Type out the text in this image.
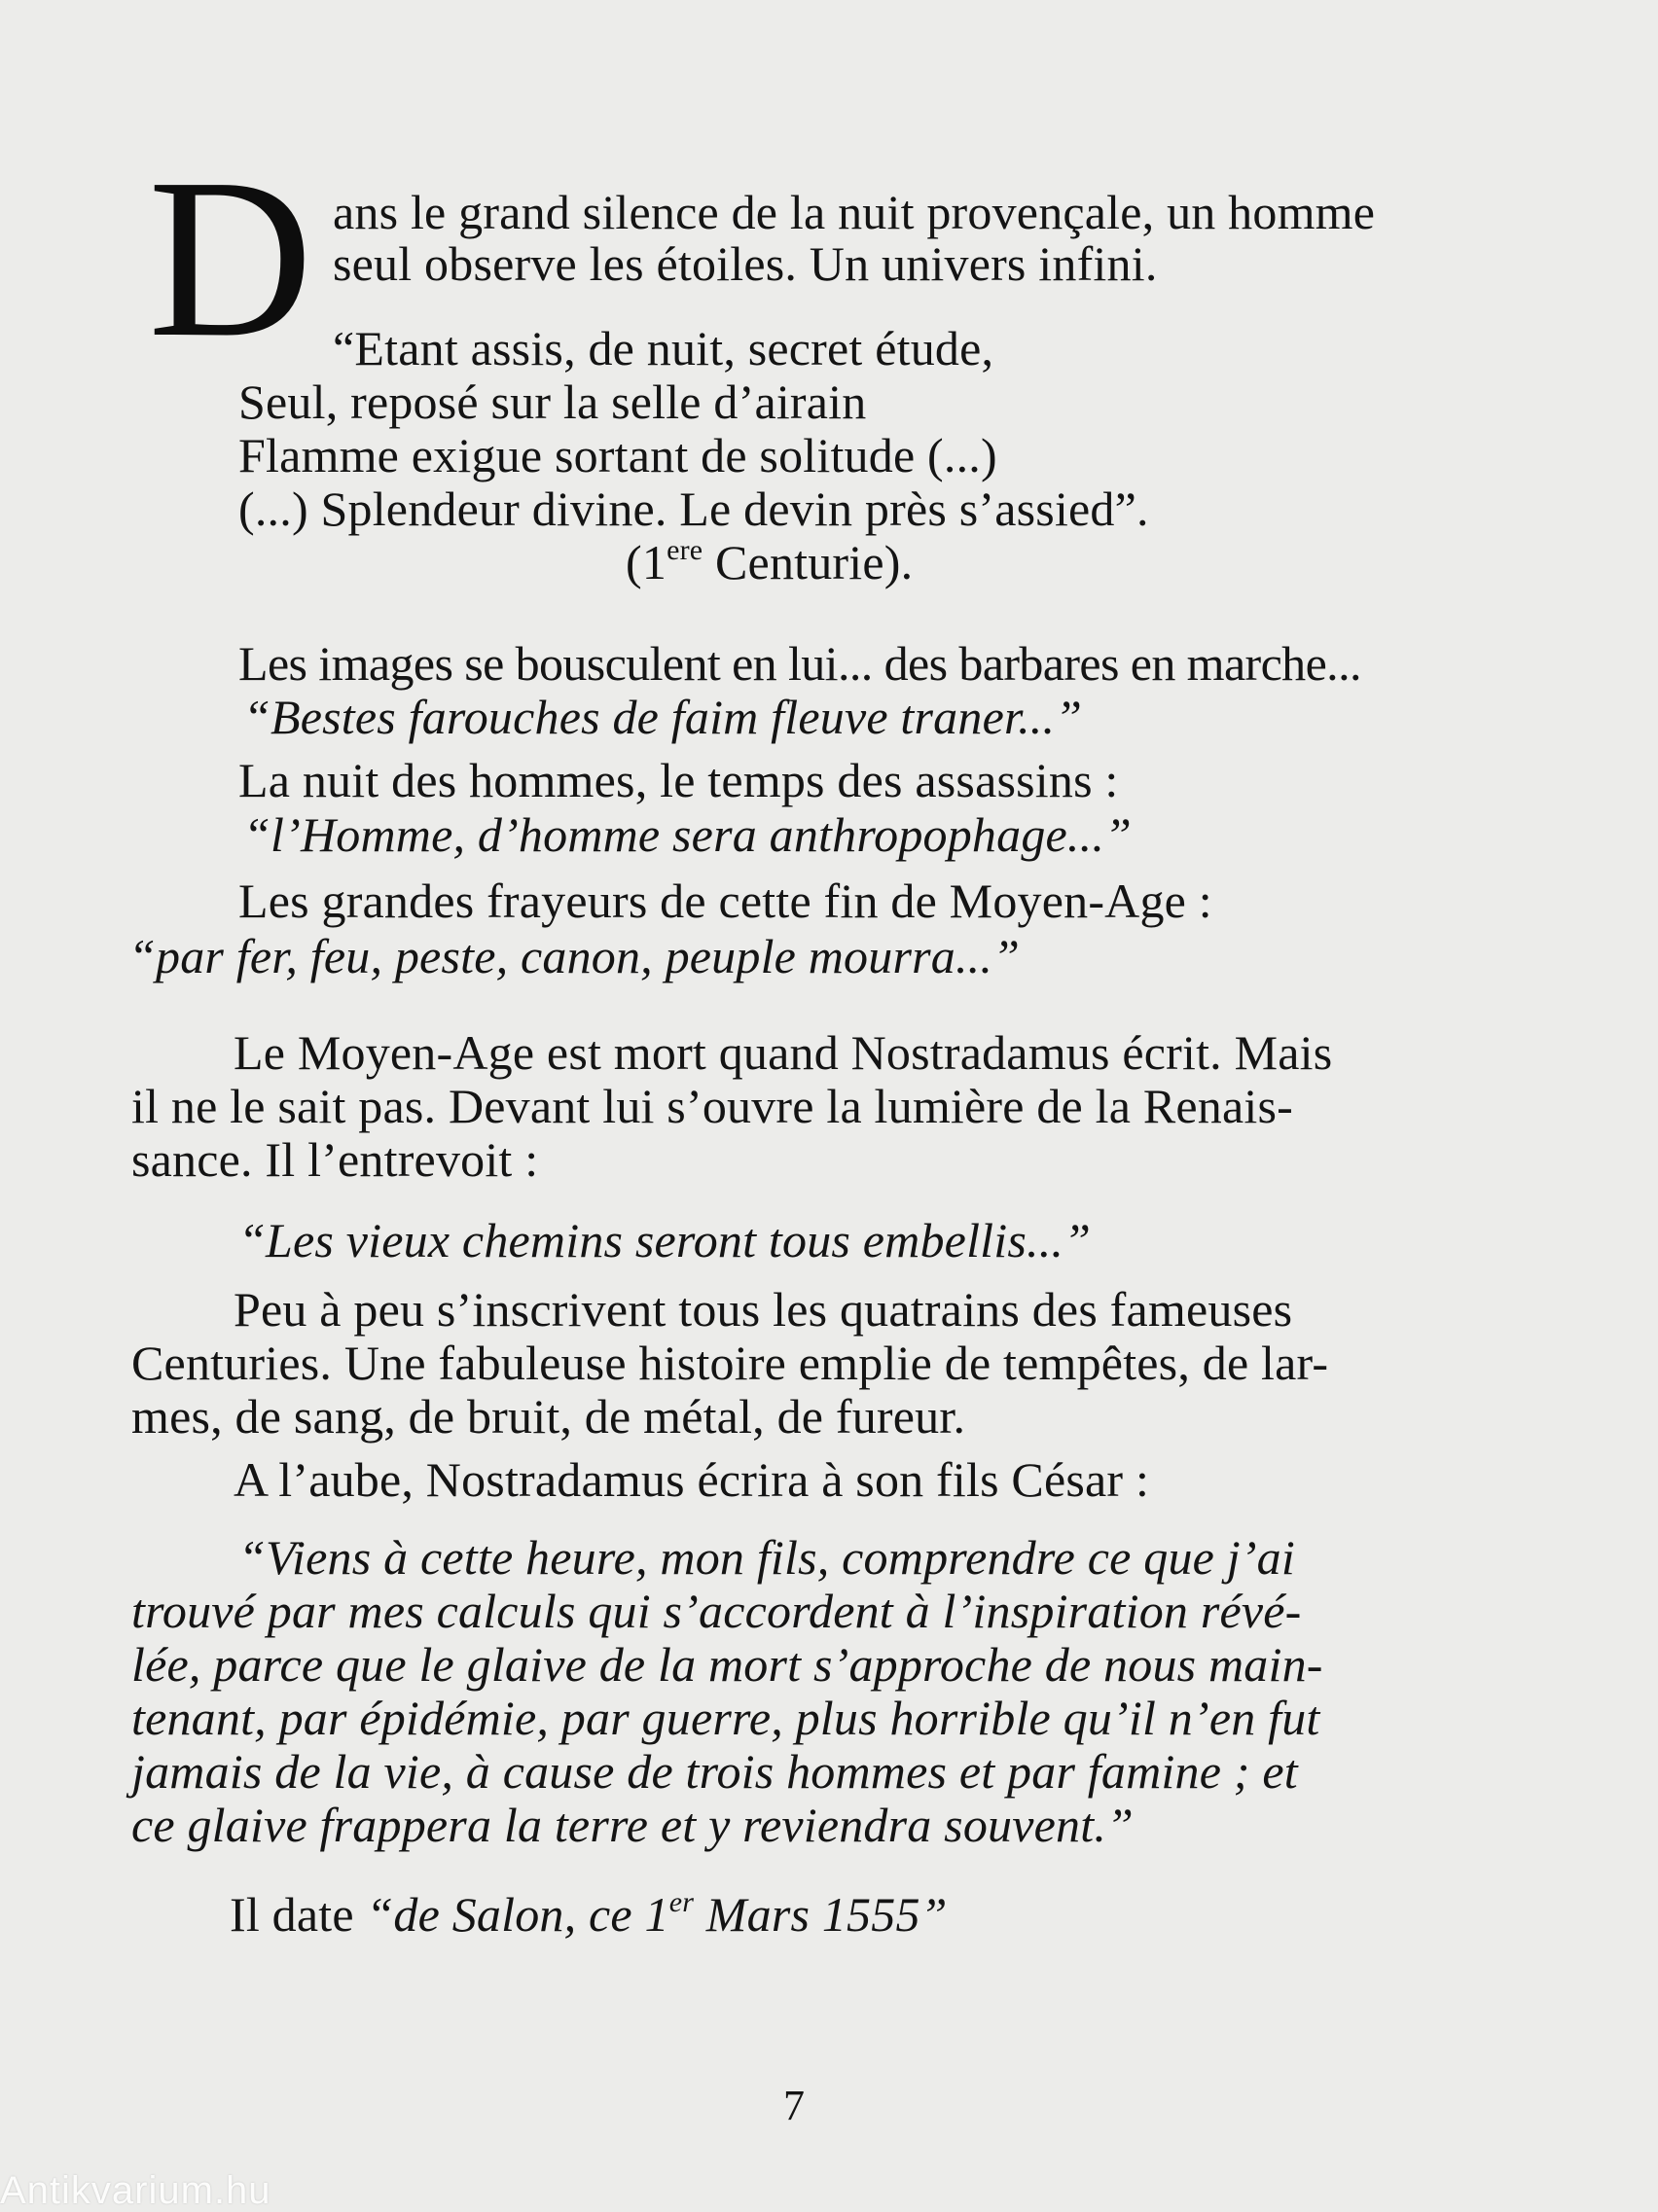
D ans le grand silence de la nuit provençale, un homme
seul observe les étoiles. Un univers infini.
“Etant assis, de nuit, secret étude,
Seul, reposé sur la selle d’airain
Flamme exigue sortant de solitude (...)
(...) Splendeur divine. Le devin près s’assied”.
(1ere Centurie).
Les images se bousculent en lui... des barbares en marche...
“Bestes farouches de faim fleuve traner...”
La nuit des hommes, le temps des assassins :
“l’Homme, d’homme sera anthropophage...”
Les grandes frayeurs de cette fin de Moyen-Age :
“par fer, feu, peste, canon, peuple mourra...”
Le Moyen-Age est mort quand Nostradamus écrit. Mais
il ne le sait pas. Devant lui s’ouvre la lumière de la Renais-
sance. Il l’entrevoit :
“Les vieux chemins seront tous embellis...”
Peu à peu s’inscrivent tous les quatrains des fameuses
Centuries. Une fabuleuse histoire emplie de tempêtes, de lar-
mes, de sang, de bruit, de métal, de fureur.
A l’aube, Nostradamus écrira à son fils César :
“Viens à cette heure, mon fils, comprendre ce que j’ai
trouvé par mes calculs qui s’accordent à l’inspiration révé-
lée, parce que le glaive de la mort s’approche de nous main-
tenant, par épidémie, par guerre, plus horrible qu’il n’en fut
jamais de la vie, à cause de trois hommes et par famine ; et
ce glaive frappera la terre et y reviendra souvent.”
Il date “de Salon, ce 1er Mars 1555”
7
Antikvarium.hu
